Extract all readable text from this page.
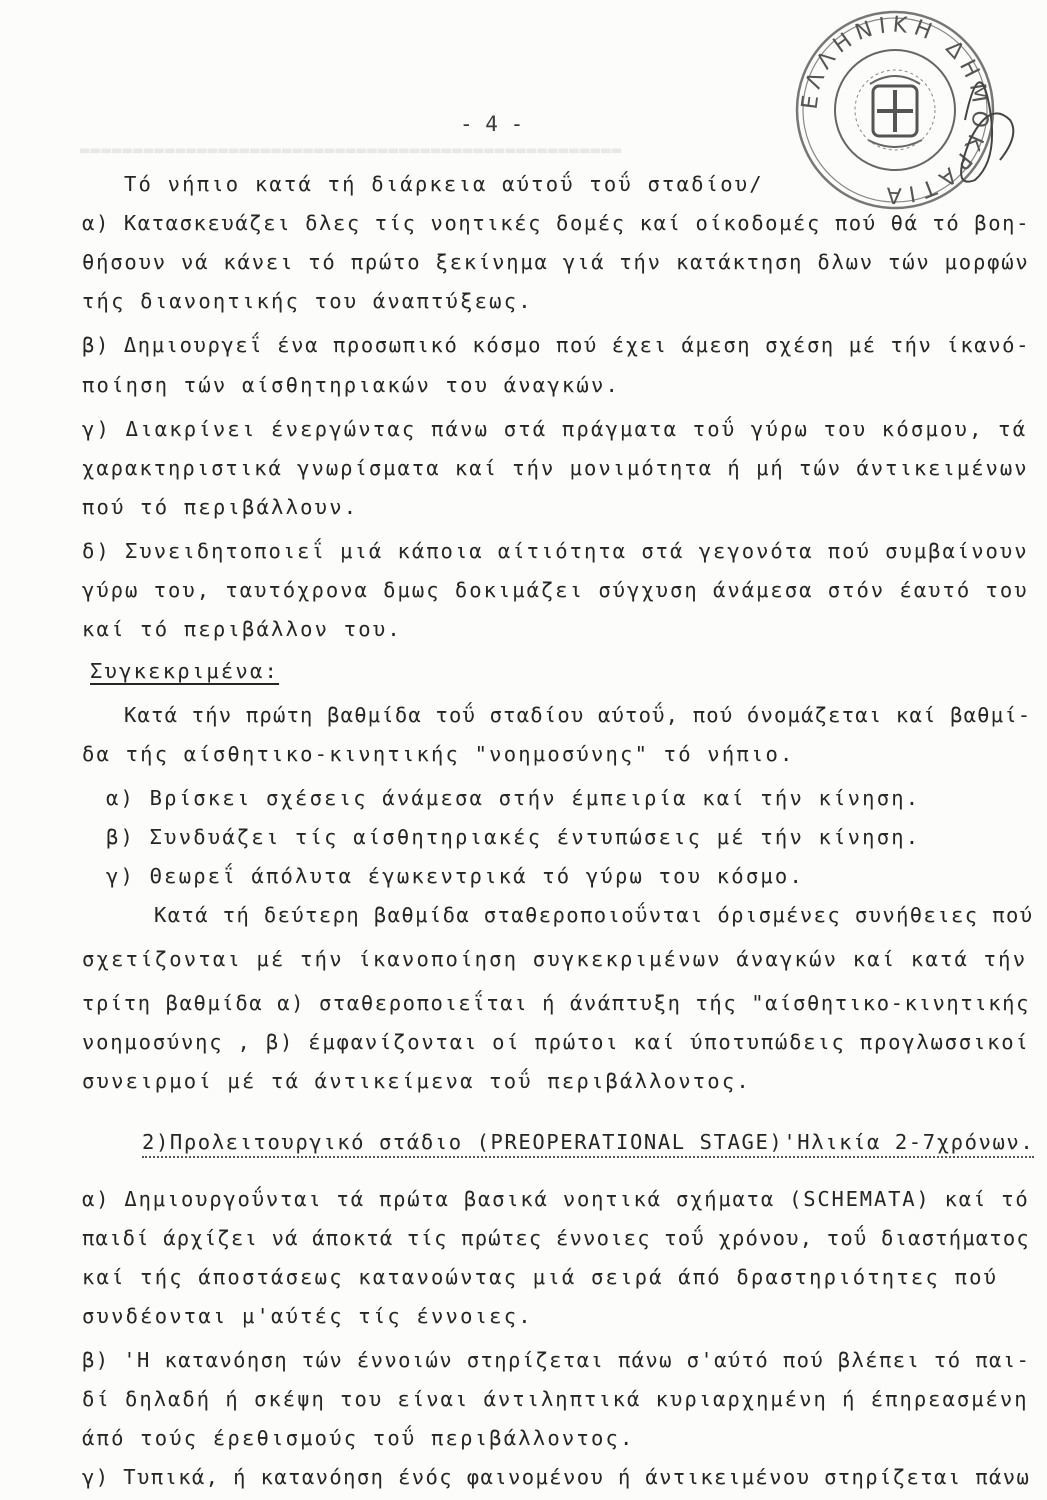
▬▬▬▬▬▬▬▬▬▬▬▬▬▬▬▬▬▬▬▬▬▬▬▬▬▬▬▬▬▬▬▬▬▬▬▬▬▬▬▬▬▬▬▬▬▬▬▬▬▬▬
ΕΛΛΗΝΙΚΗ ΔΗΜΟΚΡΑΤΙΑ
- 4 -
Τό νήπιο κατά τή διάρκεια αύτοΰ τοΰ σταδίου/
α) Κατασκευάζει δλες τίς νοητικές δομές καί οίκοδομές πού θά τό βοη-
θήσουν νά κάνει τό πρώτο ξεκίνημα γιά τήν κατάκτηση δλων τών μορφών
τής διανοητικής του άναπτύξεως.
β) Δημιουργεΐ ένα προσωπικό κόσμο πού έχει άμεση σχέση μέ τήν ίκανό-
ποίηση τών αίσθητηριακών του άναγκών.
γ) Διακρίνει ένεργώντας πάνω στά πράγματα τοΰ γύρω του κόσμου, τά
χαρακτηριστικά γνωρίσματα καί τήν μονιμότητα ή μή τών άντικειμένων
πού τό περιβάλλουν.
δ) Συνειδητοποιεΐ μιά κάποια αίτιότητα στά γεγονότα πού συμβαίνουν
γύρω του, ταυτόχρονα δμως δοκιμάζει σύγχυση άνάμεσα στόν έαυτό του
καί τό περιβάλλον του.
Συγκεκριμένα:
Κατά τήν πρώτη βαθμίδα τοΰ σταδίου αύτοΰ, πού όνομάζεται καί βαθμί-
δα τής αίσθητικο-κινητικής "νοημοσύνης" τό νήπιο.
α) Βρίσκει σχέσεις άνάμεσα στήν έμπειρία καί τήν κίνηση.
β) Συνδυάζει τίς αίσθητηριακές έντυπώσεις μέ τήν κίνηση.
γ) Θεωρεΐ άπόλυτα έγωκεντρικά τό γύρω του κόσμο.
Κατά τή δεύτερη βαθμίδα σταθεροποιοΰνται όρισμένες συνήθειες πού
σχετίζονται μέ τήν ίκανοποίηση συγκεκριμένων άναγκών καί κατά τήν
τρίτη βαθμίδα α) σταθεροποιεΐται ή άνάπτυξη τής "αίσθητικο-κινητικής
νοημοσύνης , β) έμφανίζονται οί πρώτοι καί ύποτυπώδεις προγλωσσικοί
συνειρμοί μέ τά άντικείμενα τοΰ περιβάλλοντος.
2)Προλειτουργικό στάδιο (PREOPERATIONAL STAGE)'Ηλικία 2-7χρόνων.
α) Δημιουργοΰνται τά πρώτα βασικά νοητικά σχήματα (SCHEMATA) καί τό
παιδί άρχίζει νά άποκτά τίς πρώτες έννοιες τοΰ χρόνου, τοΰ διαστήματος
καί τής άποστάσεως κατανοώντας μιά σειρά άπό δραστηριότητες πού
συνδέονται μ'αύτές τίς έννοιες.
β) 'Η κατανόηση τών έννοιών στηρίζεται πάνω σ'αύτό πού βλέπει τό παι-
δί δηλαδή ή σκέψη του είναι άντιληπτικά κυριαρχημένη ή έπηρεασμένη
άπό τούς έρεθισμούς τοΰ περιβάλλοντος.
γ) Τυπικά, ή κατανόηση ένός φαινομένου ή άντικειμένου στηρίζεται πάνω
